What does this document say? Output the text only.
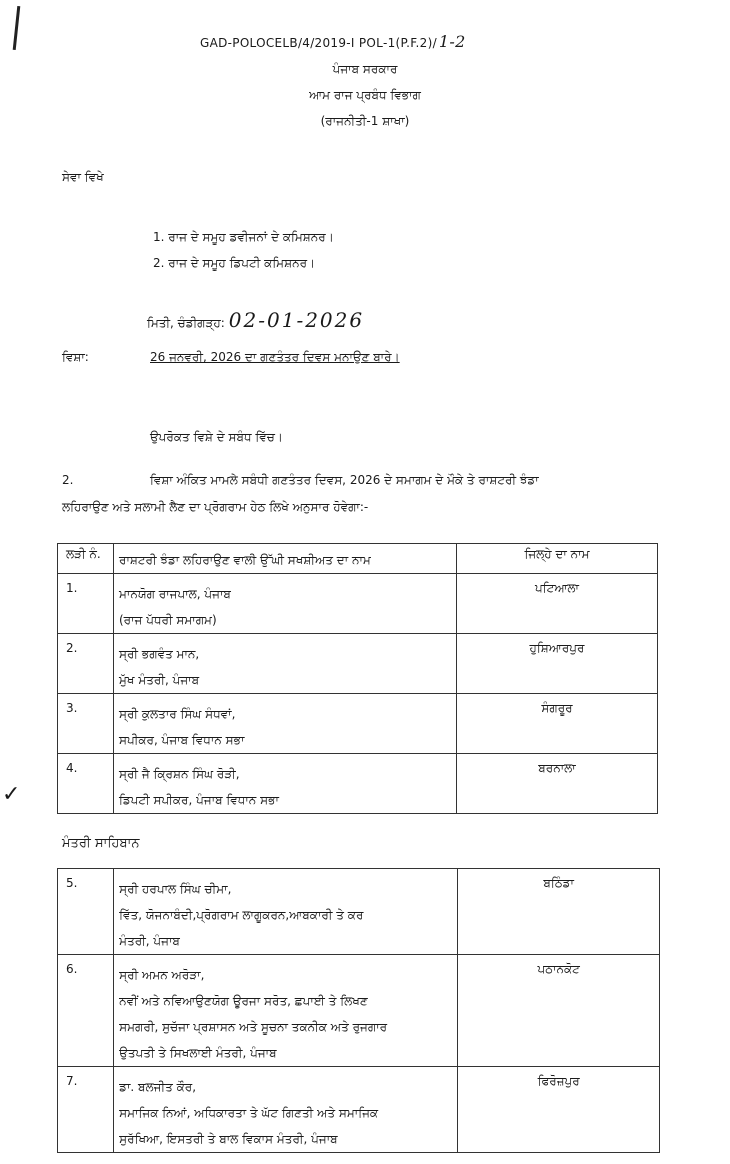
GAD-POLOCELB/4/2019-I POL-1(P.F.2)/ 1-2
ਪੰਜਾਬ ਸਰਕਾਰ
ਆਮ ਰਾਜ ਪ੍ਰਬੰਧ ਵਿਭਾਗ
(ਰਾਜਨੀਤੀ-1 ਸ਼ਾਖਾ)
ਸੇਵਾ ਵਿਖੇ
1. ਰਾਜ ਦੇ ਸਮੂਹ ਡਵੀਜਨਾਂ ਦੇ ਕਮਿਸ਼ਨਰ।
2. ਰਾਜ ਦੇ ਸਮੂਹ ਡਿਪਟੀ ਕਮਿਸ਼ਨਰ।
ਮਿਤੀ, ਚੰਡੀਗੜ੍ਹ: 02-01-2026
ਵਿਸ਼ਾ:	26 ਜਨਵਰੀ, 2026 ਦਾ ਗਣਤੰਤਰ ਦਿਵਸ ਮਨਾਉਣ ਬਾਰੇ।
ਉਪਰੋਕਤ ਵਿਸ਼ੇ ਦੇ ਸਬੰਧ ਵਿੱਚ।
2.	ਵਿਸ਼ਾ ਅੰਕਿਤ ਮਾਮਲੇ ਸਬੰਧੀ ਗਣਤੰਤਰ ਦਿਵਸ, 2026 ਦੇ ਸਮਾਗਮ ਦੇ ਮੌਕੇ ਤੇ ਰਾਸ਼ਟਰੀ ਝੰਡਾ
ਲਹਿਰਾਉਣ ਅਤੇ ਸਲਾਮੀ ਲੈਣ ਦਾ ਪ੍ਰੋਗਰਾਮ ਹੇਠ ਲਿਖੇ ਅਨੁਸਾਰ ਹੋਵੇਗਾ:-
ਲੜੀ ਨੰ.	ਰਾਸ਼ਟਰੀ ਝੰਡਾ ਲਹਿਰਾਉਣ ਵਾਲੀ ਉੱਘੀ ਸਖਸ਼ੀਅਤ ਦਾ ਨਾਮ	ਜਿਲ੍ਹੇ ਦਾ ਨਾਮ
1.	ਮਾਨਯੋਗ ਰਾਜਪਾਲ, ਪੰਜਾਬ
(ਰਾਜ ਪੱਧਰੀ ਸਮਾਗਮ)	ਪਟਿਆਲਾ
2.	ਸ੍ਰੀ ਭਗਵੰਤ ਮਾਨ,
ਮੁੱਖ ਮੰਤਰੀ, ਪੰਜਾਬ	ਹੁਸ਼ਿਆਰਪੁਰ
3.	ਸ੍ਰੀ ਕੁਲਤਾਰ ਸਿੰਘ ਸੰਧਵਾਂ,
ਸਪੀਕਰ, ਪੰਜਾਬ ਵਿਧਾਨ ਸਭਾ	ਸੰਗਰੂਰ
4.	ਸ੍ਰੀ ਜੈ ਕ੍ਰਿਸ਼ਨ ਸਿੰਘ ਰੋੜੀ,
ਡਿਪਟੀ ਸਪੀਕਰ, ਪੰਜਾਬ ਵਿਧਾਨ ਸਭਾ	ਬਰਨਾਲਾ
✓
ਮੰਤਰੀ ਸਾਹਿਬਾਨ
5.	ਸ੍ਰੀ ਹਰਪਾਲ ਸਿੰਘ ਚੀਮਾ,
ਵਿੱਤ, ਯੋਜਨਾਬੰਦੀ,ਪ੍ਰੋਗਰਾਮ ਲਾਗੂਕਰਨ,ਆਬਕਾਰੀ ਤੇ ਕਰ
ਮੰਤਰੀ, ਪੰਜਾਬ	ਬਠਿੰਡਾ
6.	ਸ੍ਰੀ ਅਮਨ ਅਰੋੜਾ,
ਨਵੀਂ ਅਤੇ ਨਵਿਆਉਣਯੋਗ ਊਰਜਾ ਸਰੋਤ, ਛਪਾਈ ਤੇ ਲਿਖਣ
ਸਮਗਰੀ, ਸੁਚੱਜਾ ਪ੍ਰਸ਼ਾਸਨ ਅਤੇ ਸੂਚਨਾ ਤਕਨੀਕ ਅਤੇ ਰੁਜਗਾਰ
ਉਤਪਤੀ ਤੇ ਸਿਖਲਾਈ ਮੰਤਰੀ, ਪੰਜਾਬ	ਪਠਾਨਕੋਟ
7.	ਡਾ. ਬਲਜੀਤ ਕੌਰ,
ਸਮਾਜਿਕ ਨਿਆਂ, ਅਧਿਕਾਰਤਾ ਤੇ ਘੱਟ ਗਿਣਤੀ ਅਤੇ ਸਮਾਜਿਕ
ਸੁਰੱਖਿਆ, ਇਸਤਰੀ ਤੇ ਬਾਲ ਵਿਕਾਸ ਮੰਤਰੀ, ਪੰਜਾਬ	ਫਿਰੋਜ਼ਪੁਰ
